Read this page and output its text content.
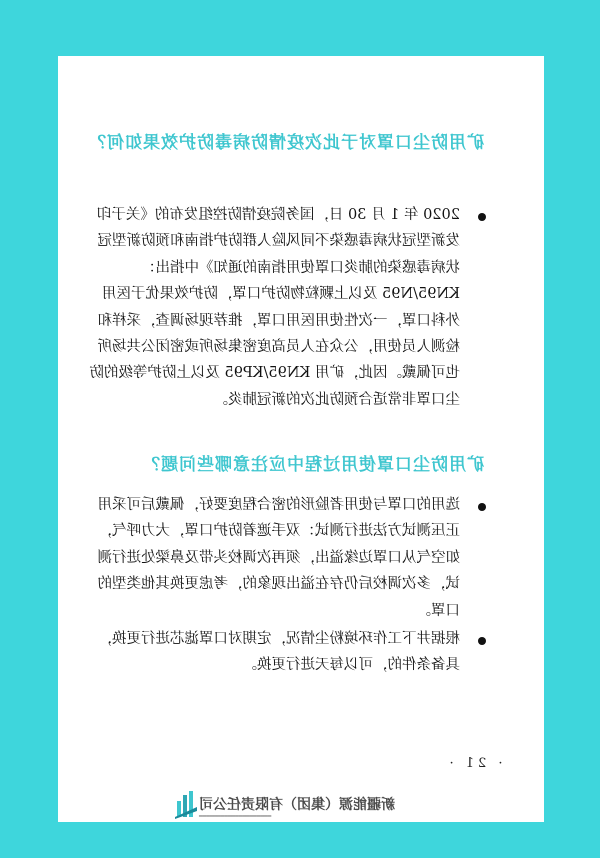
矿用防尘口罩对于此次疫情防病毒防护效果如何？
2020 年 1 月 30 日，国务院疫情防控组发布的《关于印发新型冠状病毒感染不同风险人群防护指南和预防新型冠状病毒感染的肺炎口罩使用指南的通知》中指出：KN95/N95 及以上颗粒物防护口罩，防护效果优于医用外科口罩，一次性使用医用口罩，推荐现场调查，采样和检测人员使用，公众在人员高度密集场所或密闭公共场所也可佩戴。因此，矿用 KN95/KP95 及以上防护等级的防尘口罩非常适合预防此次的新冠肺炎。
矿用防尘口罩使用过程中应注意哪些问题？
选用的口罩与使用者脸形的密合程度要好，佩戴后可采用正压测试方法进行测试：双手遮着防护口罩，大力呼气，如空气从口罩边缘溢出，须再次调校头带及鼻梁处进行测试，多次调校后仍存在溢出现象的，考虑更换其他类型的口罩。
根据井下工作环境粉尘情况，定期对口罩滤芯进行更换，具备条件的，可以每天进行更换。
· 21 ·
新疆能源（集团）有限责任公司
━━━━━━━━━━━━━━━━━━━━
